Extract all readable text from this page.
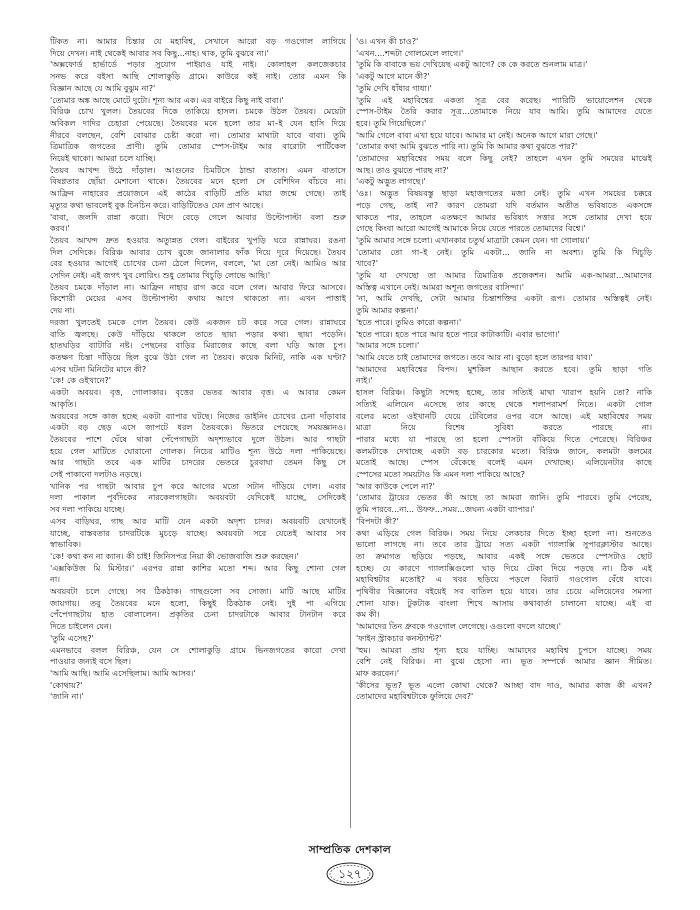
টিকত না। আমার চিন্তার যে মহাবিশ্ব, সেখানে আরো বড় গওগোল লাগিয়ে

দিয়ে দেখন। নাই থেকেই আবার সব কিছু...নাহ। থাক, তুমি বুঝবে না।'

'অক্সফোর্ড হার্ভার্ডে পড়ার সুযোগ পাইয়াও যাই নাই। কোলাহল কলজেকচার

সনভ করে বইসা আছি শোলাকুড়ি গ্রামে। কাউরে কই নাই। তোর এমন কি

বিজ্ঞান আছে যে আমি বুঝুম না?'

'তোমার অঙ্ক আছে মোটে দুটো। শূন্য আর এক। এর বাইরে কিছু নাই বাবা।'

বিরিঞ্চ চোখ খুলল। তৈয়বের দিকে তাকিয়ে হাসল। চমকে উঠল তৈয়ব। মেয়েটা

অবিকল দাদির চেহারা পেয়েছে। তৈয়বের মনে হলো তার মা–ই যেন হাসি দিয়ে

নীরবে বলছেন, বেশি বোঝার চেষ্টা করো না। তোমার মাথাটা যাবে বাবা। তুমি

ত্রিমাত্রিক জগতের প্রাণী। তুমি তোমার স্পেস-টাইম আর বারোটা পার্টিকেল

নিয়েই থাকো। আমরা চলে যাচ্ছি।

তৈয়ব আখন্দ উঠে দাঁড়াল। আগুনের চিমটিসে ঠান্ডা বাতাস। এমন বাতাসে

বিষণ্ণতার ছোঁয়া মেশানো থাকে। তৈয়বের মনে হলো সে বেশিদিন বাঁচবে না।

আফ্রিন নাহারের প্রয়োজনে এই কাঠের বাড়িটি প্রতি মায়া জন্মে গেছে। তাই

মৃত্যুর কথা ভাবলেই বুক চিনচিন করে। বাড়িটিতেও যেন প্রাণ আছে।

'বাবা, জলদি রান্না করো। খিদে বেড়ে গেলে আবার উল্টোপাল্টা বলা শুরু

করব।'

তৈয়ব আখন্দ দ্রুত হওয়ার অত্যুন্নত গেল। বাইরের খুপড়ি ঘরে রান্নাঘর। রঙনা

দিল সেদিকে। বিরিঞ্চ আবার চোখ বুজে জানালার ফাঁক দিয়ে দূরে দিয়েছে। তৈয়ব

বের হওয়ার আগেই চোখের চেনা ঠেলে দিলেন, বললে, 'মা তো নেই। আমিও আর

সেদিন নেই। এই জগৎ খুব লোরিং। শুধু তোমার খিচুড়ি লোভে আছি।'

তৈয়ব চমকে দাঁড়াল না। আফ্রিন নাহার রাগ করে বলে গেল। আবার ফিরে আসবে।

কিশোরী মেয়ের এসব উল্টোপাল্টা কথায় আগে থাকতো না। এখন পাত্তাই

দেয় না।

দরজা খুলতেই চমকে গেল তৈয়ব। কেউ একজন চট করে সরে গেল। রান্নাঘরে

বাতি জ্বলছে। কেউ দাঁড়িয়ে থাকলে তাতে ছায়া পড়ার কথা। ছায়া পড়েনি।

হাতঘড়ির ব্যাটারি নষ্ট। পেছনের বাড়ির মিরাজের কাছে বলা ঘড়ি আজ চুপ।

কতক্ষণ চিন্তা দাঁড়িয়ে ছিল বুঝে উঠা গেল না তৈয়ব। কয়েক মিনিট, নাকি এক ঘণ্টা?

এসব ঘটনা মিনিটের মানে কী?

'কে! কে ওইখানে?'

একটা অবয়ব। বৃত্ত, গোলাকার। বৃত্তের ভেতর আবার বৃত্ত। এ আবার কেমন

আকৃতি।

অবয়বের সঙ্গে কাজ হচ্ছে একটা ব্যাপার ঘটছে। নিজের ডাইনিং চোখের চেনা দাঁড়াবার

একটা বড় ছেড় এসে জাপটে ধরল তৈয়বকে। ভিতরে পেয়েছে সময়জ্ঞানও।

তৈয়বের পাশে ঘেঁষে থাকা পেঁপেগাছটা অদৃশ্যভাবে দুলে উঠল। আর গাছটা

হয়ে গেল মাটিতে ঘোরানো গোলক। নিচের মাটিও শূন্য উঠে দলা পাকিয়েছে।

আর গাছটা তবে এক মাটির চাদরের ভেতরে চুরবাঘা তেমন কিছু সে

সেই পাকানো দলটাও নড়ছে।

খানিক পর গাছটা আবার চুপ করে আগের মতো সটান দাঁড়িয়ে গেল। এবার

দলা পাকাল পূর্বদিকের নারকেলগাছটা। অবয়বটা যেদিকেই যাচ্ছে, সেদিকেই

সব দলা পাকিয়ে যাচ্ছে।

এসব বাড়িঘর, গাছ আর মাটি যেন একটা অদৃশ্য চাদর। অবয়বটি যেখানেই

যাচ্ছে, বাস্তবতার চাদরটিকে মুচড়ে যাচ্ছে। অবয়বটা সরে যেতেই আবার সব

স্বাভাবিক।

'কে! কথা কন না ক্যান। কী চাই! জিনিসপত্র নিয়া কী ভোজবাজি শুরু করছেন।'

'এক্সকিউজ মি মিস্টার।' এরপর রান্না কাশির মতো শব্দ। আর কিছু শোনা গেল

না।

অবয়বটা চলে গেছে। সব ঠিকঠাক। গাছগুলো সব সোজা। মাটি আছে মাটির

জায়গায়। তবু তৈয়বের মনে হলো, কিছুই ঠিকঠাক নেই। দুই পা এগিয়ে

পেঁপেগাছটায় হাত বোলালেন। প্রকৃতির চেনা চাদরটাকে আবার টানটান করে

দিতে চাইলেন যেন।

'তুমি এসেছ?'

এমনভাবে বলল বিরিঞ্চ, যেন সে শোলাকুড়ি গ্রামে ভিনজগতের কারো দেখা

পাওয়ার জন্যই বসে ছিল।

'আমি আছি। আমি এসেছিলাম। আমি আসব।'

'কোথায়?'

'জানি না।'

'ও। এখন কী চাও?'

'এখন....শব্দটা গোলমেলে লাগে।'

'তুমি কি বাবাকে ভয় দেখিয়েছ একটু আগে? কে কে করতে শুনলাম মাত্র।'

'একটু আগে মানে কী?'

'তুমি দেখি ধাঁধার গাধা।'

'তুমি এই মহাবিশ্বের একতা সূত্র বের করেছ। প্যারিটি ভায়োলেশন থেকে

স্পেস-টাইম তৈরি করার সূত্র...তোমাকে নিয়ে যাব আমি। তুমি আমাদের যেতে

হবে। তুমি গিয়েছিলে।'

'আমি গেলে বাবা এখা হয়ে যাবে। আমার মা নেই। অনেক আগে মারা গেছে।'

'তোমার কথা আমি বুঝতে পারি না। তুমি কি আমার কথা বুঝতে পার?'

'তোমাদের মহাবিশ্বের সময় বলে কিছু নেই? তাহলে এখন তুমি সময়ের মাঝেই

আছ। তাও বুঝতে পারছ না?'

'একটু অদ্ভুত লাগছে।'

'ওঃ। অদ্ভুত বিষয়বস্তু ছাড়া মহাজগতের মজা নেই। তুমি এখন সময়ের চক্করে

পড়ে গেছ, তাই না? কারণ তোমরা যদি বর্তমান অতীত ভবিষ্যতে একসঙ্গে

থাকতে পার, তাহলে এতক্ষণে আমার ভবিষ্যৎ সত্তার সঙ্গে তোমার দেখা হয়ে

গেছে কিংবা আরো আগেই আমাকে নিয়ে যেতে পারতে তোমাদের বিশ্বে।'

'তুমি আমার সঙ্গে চলো। এখানকার চতুর্থ মাত্রাটা কেমন যেন। গা গোলায়।'

'তোমার তো গা–ই নেই। তুমি একটা... জানি না অবশ্য। তুমি কি খিচুড়ি

খাবে?'

'তুমি যা দেখছো তা আমার ত্রিমাত্রিক প্রজেকশন। আমি এক-আমরা...আমাদের

অস্তিত্ব এখানে নেই। আমরা অশূন্য জগতের বাসিন্দা।'

'না, আমি দেখছি, সেটা আমার চিন্তাশক্তির একটা রূপ। তোমার অস্তিত্বই নেই।

তুমি আমার কল্পনা।'

'হতে পারে। তুমিও কারো কল্পনা।'

'হতে পারে। হতে পারে আর হতে পারে কাটাকাটি। এবার ভাগো।'

'আমার সঙ্গে চলো।'

'আমি যেতে চাই তোমাদের জগতে। তবে আর না। বুড়ো হলে তারপর যাব।'

'আমাদের মহাবিশ্বের বিপদ। মুশকিল আছান করতে হবে। তুমি ছাড়া গতি

নাই।'

হাসল বিরিঞ্চ। কিছুটা সন্দেহ হচ্ছে, তার সত্যিই মাথা খারাপ হয়নি তো? নাকি

সত্যিই এলিয়েন এসেছে তার কাছে থেকে শলাপরামর্শ নিতে। একটা গোল

বলের মতো ওইখানটি যেয়ে টেবিলের ওপর বসে আছে। এই মহাবিশ্বের সময়

মাত্রা নিয়ে বিশেষ সুবিধা করতে পারছে না।

পারার মধ্যে যা পারছে তা হলো স্পেসটা বাঁকিয়ে দিতে পেরেছে। বিরিঞ্চর

কলমটাকে দেখাচ্ছে একটা বড় চারকোর মতো। বিরিঞ্চ জানে, কলমটা কলমের

মতোই আছে। স্পেস বেঁকেছে বলেই এমন দেখাচ্ছে। এলিয়েনটার কাছে

স্পেসের মতো সময়টাও কি এমন দলা পাকিয়ে আছে?

'আর কাউকে পেলে না?'

'তোমার ট্রায়ের ভেতর কী আছে তা আমরা জানি। তুমি পারবে। তুমি পেরেছ,

তুমি পারবে...না... উফফ...সময়...জঘন্য একটা ব্যাপার।'

'বিপদটা কী?'

কথা এড়িয়ে গেল বিরিঞ্চ। সময় নিয়ে লেকচার দিতে ইচ্ছা হলো না। শুনতেও

ভালো লাগছে না। তবে তার ট্রায়ে সত্য একটা গ্যালাক্সি সুপারক্লাস্টার আছে।

তা ক্রমাগত ছড়িয়ে পড়ছে, আবার একই সঙ্গে ভেতরে স্পেসটাও ছোট

হচ্ছে। যে কারণে গ্যালাক্সিগুলো ঘাড় দিয়ে টেকা দিয়ে পড়ছে না। ঠিক এই

মহাবিশ্বটার মতোই? এ খবর ছড়িয়ে পড়লে বিরাট গওগোল বেঁধে যাবে।

পৃথিবীর বিজ্ঞানের বইয়েই সব বাতিল হয়ে যাবে। তার চেয়ে এলিয়েনের সমস্যা

শোনা যাক। টুকটাক বাংলা শিখে আসায় কথাবার্তা চালানো যাচ্ছে। এই বা

কম কী।

'আমাদের তিন ধ্রুবকে গওগোল লেগেছে। ওগুলো বদলে যাচ্ছে।'

'ফাইন স্ট্রাকচার কনস্ট্যান্ট?'

'হুম। আমরা প্রায় শূন্য হয়ে যাচ্ছি। আমাদের মহাবিশ্ব চুপসে যাচ্ছে। সময়

বেশি নেই বিরিঞ্চ। না বুঝে হেসো না। ভূত সম্পর্কে আমার জ্ঞান সীমিত।

মাফ করবেন।'

'কীসের ভূত? ভূত এলো কোথা থেকে? আচ্ছা বাদ দাও, আমার কাজ কী এখন?

তোমাদের মহাবিশ্বটাকে ফুলিয়ে দেব?'

সাম্প্রতিক দেশকাল
১২৭
